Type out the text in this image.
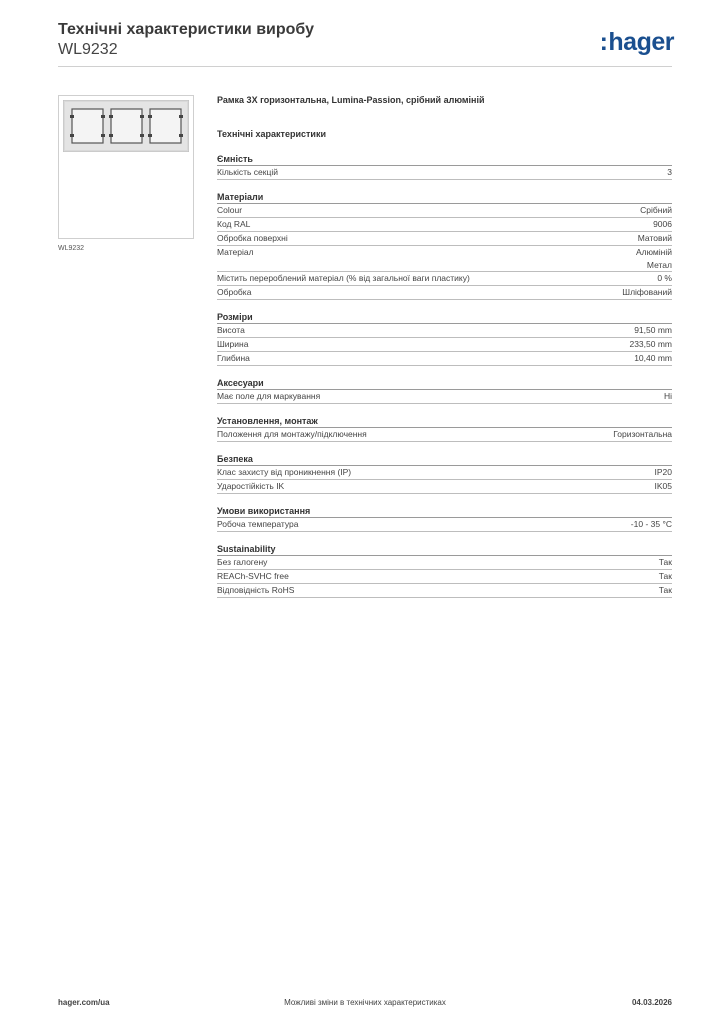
Технічні характеристики виробу
WL9232	:hager
WL9232
Рамка 3X горизонтальна, Lumina-Passion, срібний алюміній
Технічні характеристики
Ємність
Кількість секцій	3
Матеріали
Colour	Срібний
Код RAL	9006
Обробка поверхні	Матовий
Матеріал	Алюміній
Метал
Містить перероблений матеріал (% від загальної ваги пластику)	0 %
Обробка	Шліфований
Розміри
Висота	91,50 mm
Ширина	233,50 mm
Глибина	10,40 mm
Аксесуари
Має поле для маркування	Ні
Установлення, монтаж
Положення для монтажу/підключення	Горизонтальна
Безпека
Клас захисту від проникнення (IP)	IP20
Ударостійкість IK	IK05
Умови використання
Робоча температура	-10 - 35 °C
Sustainability
Без галогену	Так
REACh-SVHC free	Так
Відповідність RoHS	Так
hager.com/ua	Можливі зміни в технічних характеристиках	04.03.2026
